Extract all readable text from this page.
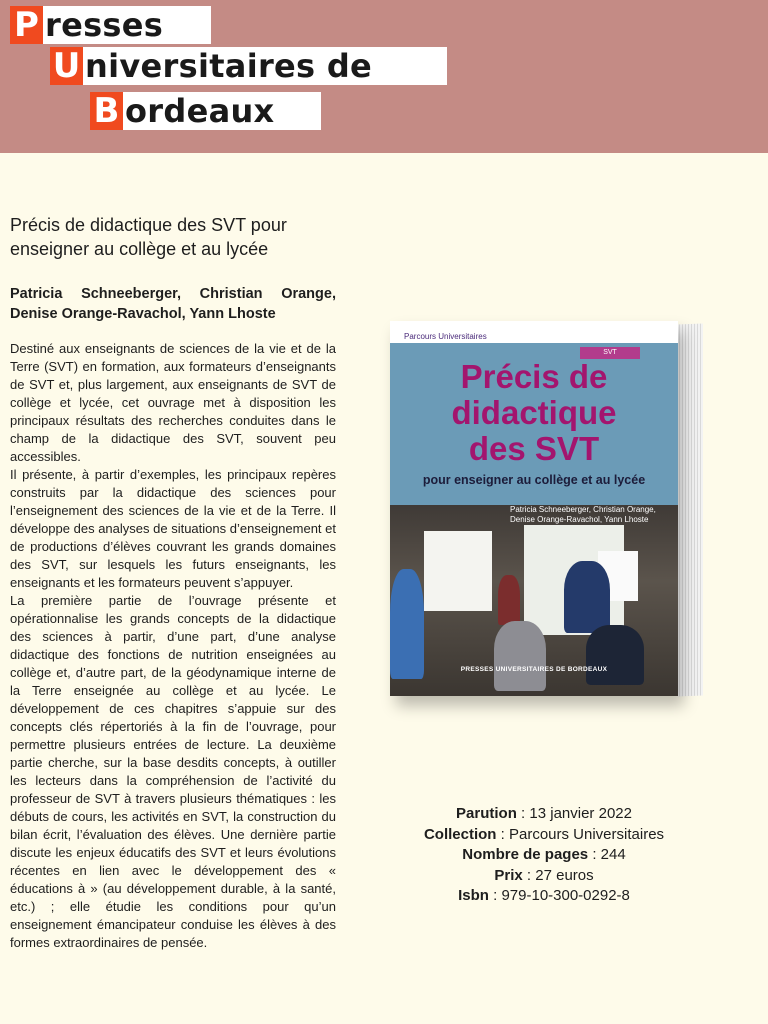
P resses
U niversitaires de
B ordeaux
Précis de didactique des SVT pour enseigner au collège et au lycée
Patricia Schneeberger, Christian Orange, Denise Orange-Ravachol, Yann Lhoste

Destiné aux enseignants de sciences de la vie et de la Terre (SVT) en formation, aux formateurs d’enseignants de SVT et, plus largement, aux enseignants de SVT de collège et lycée, cet ouvrage met à disposition les principaux résultats des recherches conduites dans le champ de la didactique des SVT, souvent peu accessibles.

Il présente, à partir d’exemples, les principaux repères construits par la didactique des sciences pour l’enseignement des sciences de la vie et de la Terre. Il développe des analyses de situations d’enseignement et de productions d’élèves couvrant les grands domaines des SVT, sur lesquels les futurs enseignants, les enseignants et les formateurs peuvent s’appuyer.

La première partie de l’ouvrage présente et opérationnalise les grands concepts de la didactique des sciences à partir, d’une part, d’une analyse didactique des fonctions de nutrition enseignées au collège et, d’autre part, de la géodynamique interne de la Terre enseignée au collège et au lycée. Le développement de ces chapitres s’appuie sur des concepts clés répertoriés à la fin de l’ouvrage, pour permettre plusieurs entrées de lecture. La deuxième partie cherche, sur la base desdits concepts, à outiller les lecteurs dans la compréhension de l’activité du professeur de SVT à travers plusieurs thématiques : les débuts de cours, les activités en SVT, la construction du bilan écrit, l’évaluation des élèves. Une dernière partie discute les enjeux éducatifs des SVT et leurs évolutions récentes en lien avec le développement des « éducations à » (au développement durable, à la santé, etc.) ; elle étudie les conditions pour qu’un enseignement émancipateur conduise les élèves à des formes extraordinaires de pensée.

Parcours Universitaires
SVT
Précis de
didactique
des SVT
pour enseigner au collège et au lycée
Patricia Schneeberger, Christian Orange,
Denise Orange-Ravachol, Yann Lhoste
PRESSES UNIVERSITAIRES DE BORDEAUX

Parution : 13 janvier 2022

Collection : Parcours Universitaires

Nombre de pages : 244

Prix : 27 euros

Isbn : 979-10-300-0292-8
